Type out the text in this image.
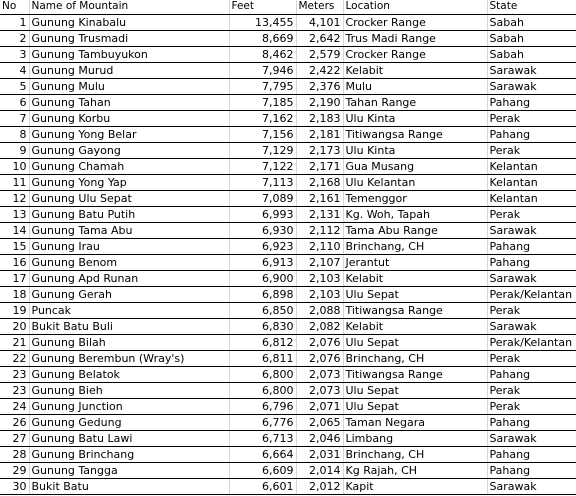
No	Name of Mountain	Feet	Meters	Location	State
1	Gunung Kinabalu	13,455	4,101	Crocker Range	Sabah
2	Gunung Trusmadi	8,669	2,642	Trus Madi Range	Sabah
3	Gunung Tambuyukon	8,462	2,579	Crocker Range	Sabah
4	Gunung Murud	7,946	2,422	Kelabit	Sarawak
5	Gunung Mulu	7,795	2,376	Mulu	Sarawak
6	Gunung Tahan	7,185	2,190	Tahan Range	Pahang
7	Gunung Korbu	7,162	2,183	Ulu Kinta	Perak
8	Gunung Yong Belar	7,156	2,181	Titiwangsa Range	Pahang
9	Gunung Gayong	7,129	2,173	Ulu Kinta	Perak
10	Gunung Chamah	7,122	2,171	Gua Musang	Kelantan
11	Gunung Yong Yap	7,113	2,168	Ulu Kelantan	Kelantan
12	Gunung Ulu Sepat	7,089	2,161	Temenggor	Kelantan
13	Gunung Batu Putih	6,993	2,131	Kg. Woh, Tapah	Perak
14	Gunung Tama Abu	6,930	2,112	Tama Abu Range	Sarawak
15	Gunung Irau	6,923	2,110	Brinchang, CH	Pahang
16	Gunung Benom	6,913	2,107	Jerantut	Pahang
17	Gunung Apd Runan	6,900	2,103	Kelabit	Sarawak
18	Gunung Gerah	6,898	2,103	Ulu Sepat	Perak/Kelantan
19	Puncak	6,850	2,088	Titiwangsa Range	Perak
20	Bukit Batu Buli	6,830	2,082	Kelabit	Sarawak
21	Gunung Bilah	6,812	2,076	Ulu Sepat	Perak/Kelantan
22	Gunung Berembun (Wray's)	6,811	2,076	Brinchang, CH	Perak
23	Gunung Belatok	6,800	2,073	Titiwangsa Range	Pahang
23	Gunung Bieh	6,800	2,073	Ulu Sepat	Perak
24	Gunung Junction	6,796	2,071	Ulu Sepat	Perak
26	Gunung Gedung	6,776	2,065	Taman Negara	Pahang
27	Gunung Batu Lawi	6,713	2,046	Limbang	Sarawak
28	Gunung Brinchang	6,664	2,031	Brinchang, CH	Pahang
29	Gunung Tangga	6,609	2,014	Kg Rajah, CH	Pahang
30	Bukit Batu	6,601	2,012	Kapit	Sarawak
